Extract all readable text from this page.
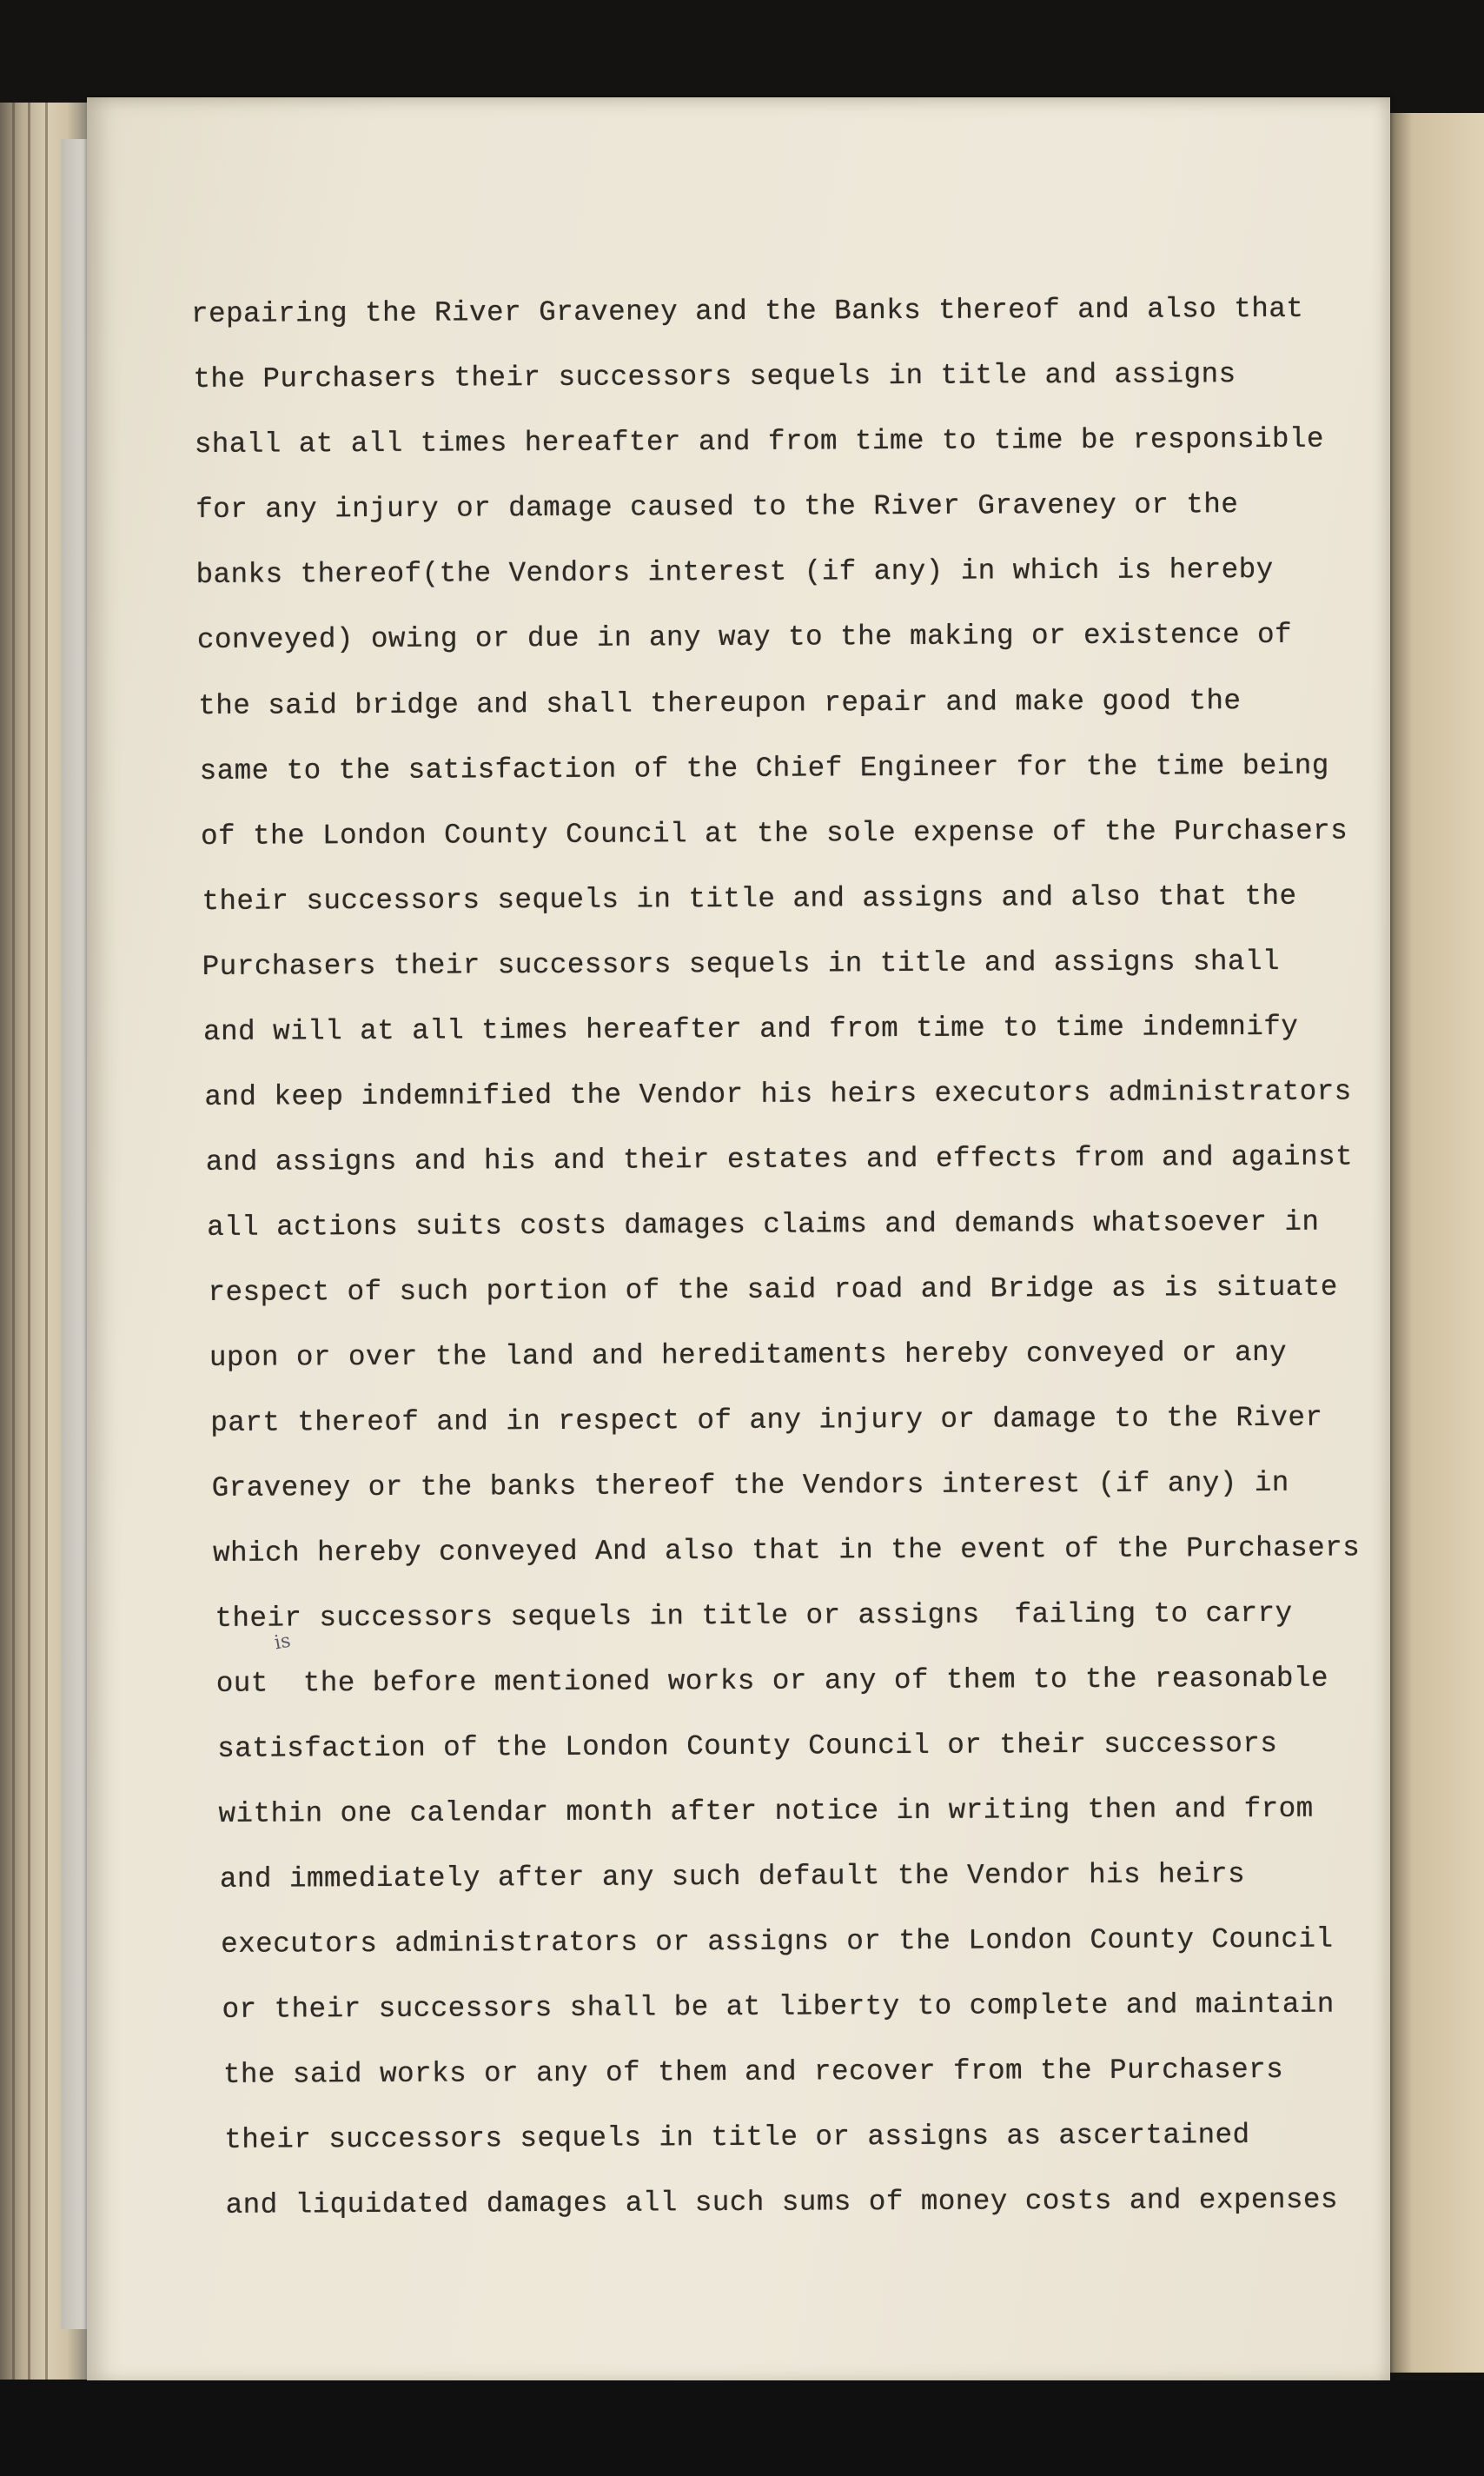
repairing the River Graveney and the Banks thereof and also that
the Purchasers their successors sequels in title and assigns
shall at all times hereafter and from time to time be responsible
for any injury or damage caused to the River Graveney or the
banks thereof(the Vendors interest (if any) in which is hereby
conveyed) owing or due in any way to the making or existence of
the said bridge and shall thereupon repair and make good the
same to the satisfaction of the Chief Engineer for the time being
of the London County Council at the sole expense of the Purchasers
their successors sequels in title and assigns and also that the
Purchasers their successors sequels in title and assigns shall
and will at all times hereafter and from time to time indemnify
and keep indemnified the Vendor his heirs executors administrators
and assigns and his and their estates and effects from and against
all actions suits costs damages claims and demands whatsoever in
respect of such portion of the said road and Bridge as is situate
upon or over the land and hereditaments hereby conveyed or any
part thereof and in respect of any injury or damage to the River
Graveney or the banks thereof the Vendors interest (if any) in
which hereby conveyed And also that in the event of the Purchasers
their successors sequels in title or assigns  failing to carry
out  the before mentioned works or any of them to the reasonable
satisfaction of the London County Council or their successors
within one calendar month after notice in writing then and from
and immediately after any such default the Vendor his heirs
executors administrators or assigns or the London County Council
or their successors shall be at liberty to complete and maintain
the said works or any of them and recover from the Purchasers
their successors sequels in title or assigns as ascertained
and liquidated damages all such sums of money costs and expenses
is
